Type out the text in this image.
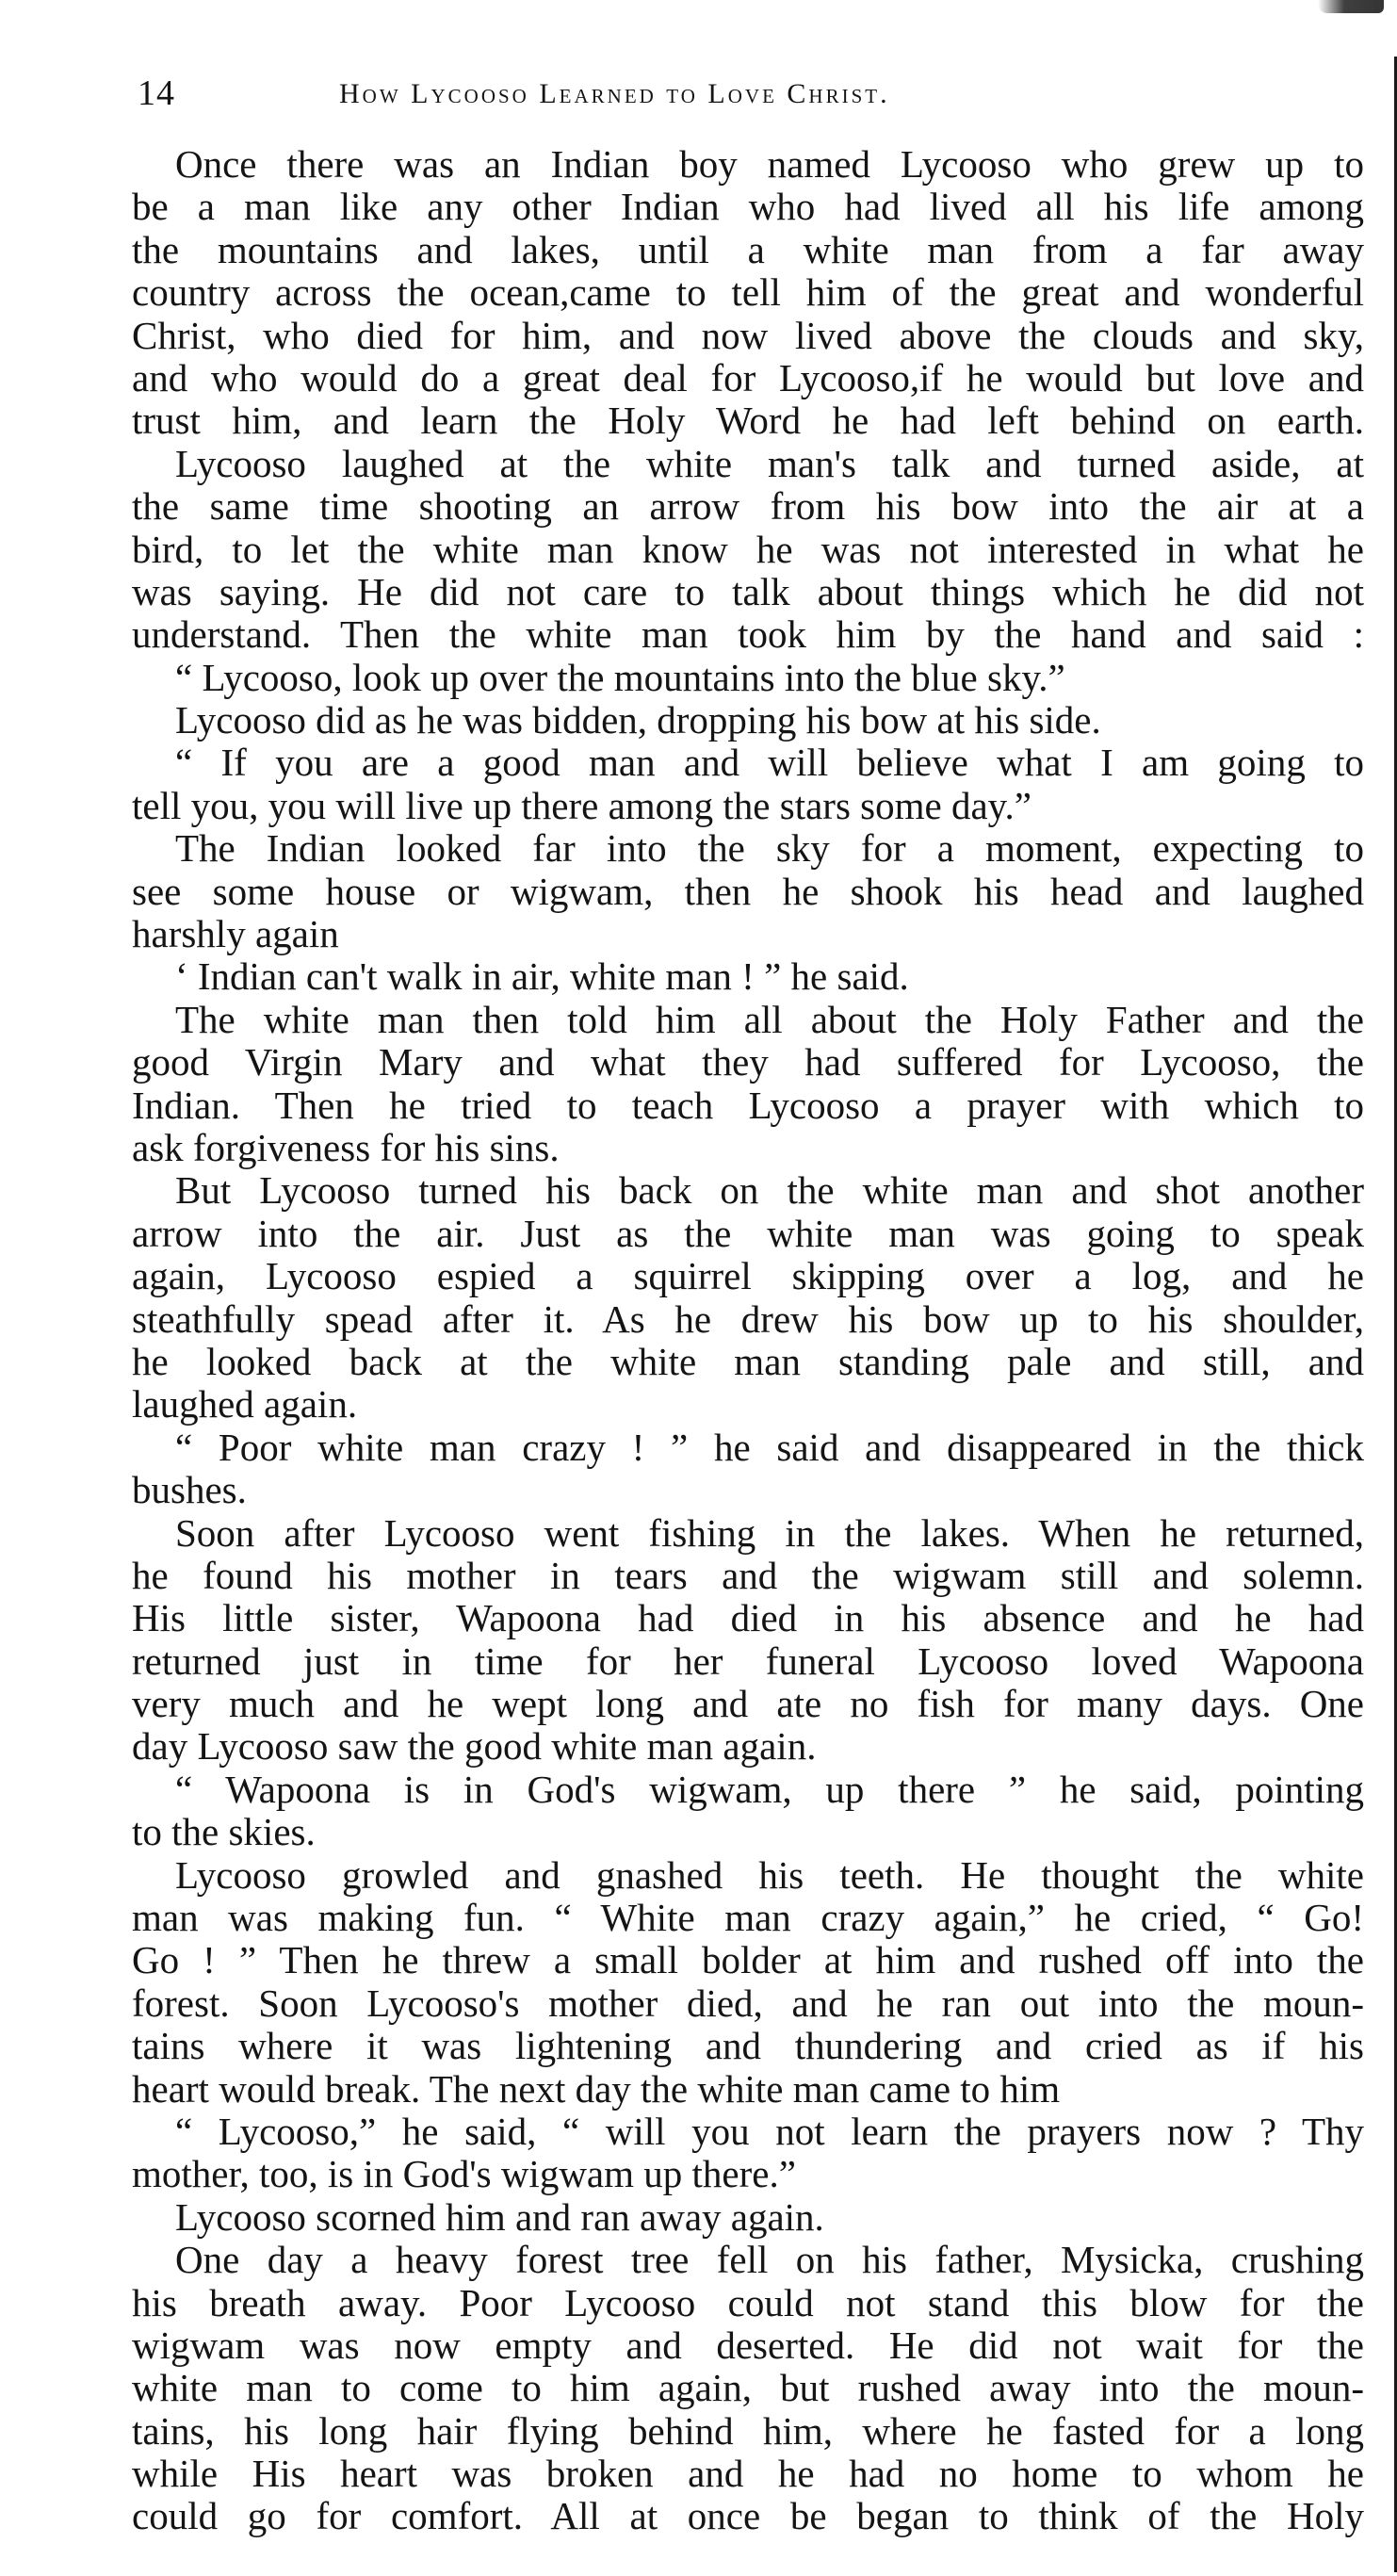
14	How Lycooso Learned to Love Christ.
Once there was an Indian boy named Lycooso who grew up to
be a man like any other Indian who had lived all his life among
the mountains and lakes, until a white man from a far away
country across the ocean,came to tell him of the great and wonderful
Christ, who died for him, and now lived above the clouds and sky,
and who would do a great deal for Lycooso,if he would but love and
trust him, and learn the Holy Word he had left behind on earth.
Lycooso laughed at the white man's talk and turned aside, at
the same time shooting an arrow from his bow into the air at a
bird, to let the white man know he was not interested in what he
was saying. He did not care to talk about things which he did not
understand. Then the white man took him by the hand and said :
“ Lycooso, look up over the mountains into the blue sky.”
Lycooso did as he was bidden, dropping his bow at his side.
“ If you are a good man and will believe what I am going to
tell you, you will live up there among the stars some day.”
The Indian looked far into the sky for a moment, expecting to
see some house or wigwam, then he shook his head and laughed
harshly again
‘ Indian can't walk in air, white man ! ” he said.
The white man then told him all about the Holy Father and the
good Virgin Mary and what they had suffered for Lycooso, the
Indian. Then he tried to teach Lycooso a prayer with which to
ask forgiveness for his sins.
But Lycooso turned his back on the white man and shot another
arrow into the air. Just as the white man was going to speak
again, Lycooso espied a squirrel skipping over a log, and he
steathfully spead after it. As he drew his bow up to his shoulder,
he looked back at the white man standing pale and still, and
laughed again.
“ Poor white man crazy ! ” he said and disappeared in the thick
bushes.
Soon after Lycooso went fishing in the lakes. When he returned,
he found his mother in tears and the wigwam still and solemn.
His little sister, Wapoona had died in his absence and he had
returned just in time for her funeral Lycooso loved Wapoona
very much and he wept long and ate no fish for many days. One
day Lycooso saw the good white man again.
“ Wapoona is in God's wigwam, up there ” he said, pointing
to the skies.
Lycooso growled and gnashed his teeth. He thought the white
man was making fun. “ White man crazy again,” he cried, “ Go!
Go ! ” Then he threw a small bolder at him and rushed off into the
forest. Soon Lycooso's mother died, and he ran out into the moun-
tains where it was lightening and thundering and cried as if his
heart would break. The next day the white man came to him
“ Lycooso,” he said, “ will you not learn the prayers now ? Thy
mother, too, is in God's wigwam up there.”
Lycooso scorned him and ran away again.
One day a heavy forest tree fell on his father, Mysicka, crushing
his breath away. Poor Lycooso could not stand this blow for the
wigwam was now empty and deserted. He did not wait for the
white man to come to him again, but rushed away into the moun-
tains, his long hair flying behind him, where he fasted for a long
while His heart was broken and he had no home to whom he
could go for comfort. All at once be began to think of the Holy
